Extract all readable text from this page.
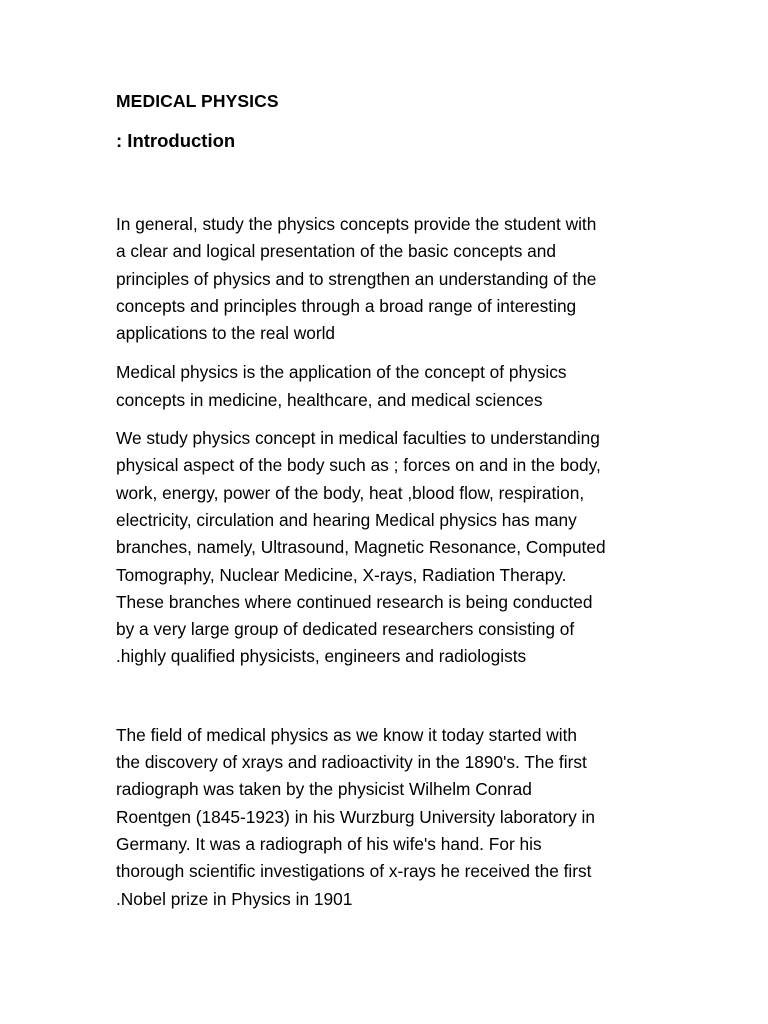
MEDICAL PHYSICS
: Introduction

In general, study the physics concepts provide the student with
a clear and logical presentation of the basic concepts and
principles of physics and to strengthen an understanding of the
concepts and principles through a broad range of interesting
applications to the real world

Medical physics is the application of the concept of physics
concepts in medicine, healthcare, and medical sciences

We study physics concept in medical faculties to understanding
physical aspect of the body such as ; forces on and in the body,
work, energy, power of the body, heat ,blood flow, respiration,
electricity, circulation and hearing Medical physics has many
branches, namely, Ultrasound, Magnetic Resonance, Computed
Tomography, Nuclear Medicine, X-rays, Radiation Therapy.
These branches where continued research is being conducted
by a very large group of dedicated researchers consisting of
.highly qualified physicists, engineers and radiologists

The field of medical physics as we know it today started with
the discovery of xrays and radioactivity in the 1890's. The first
radiograph was taken by the physicist Wilhelm Conrad
Roentgen (1845-1923) in his Wurzburg University laboratory in
Germany. It was a radiograph of his wife's hand. For his
thorough scientific investigations of x-rays he received the first
.Nobel prize in Physics in 1901
